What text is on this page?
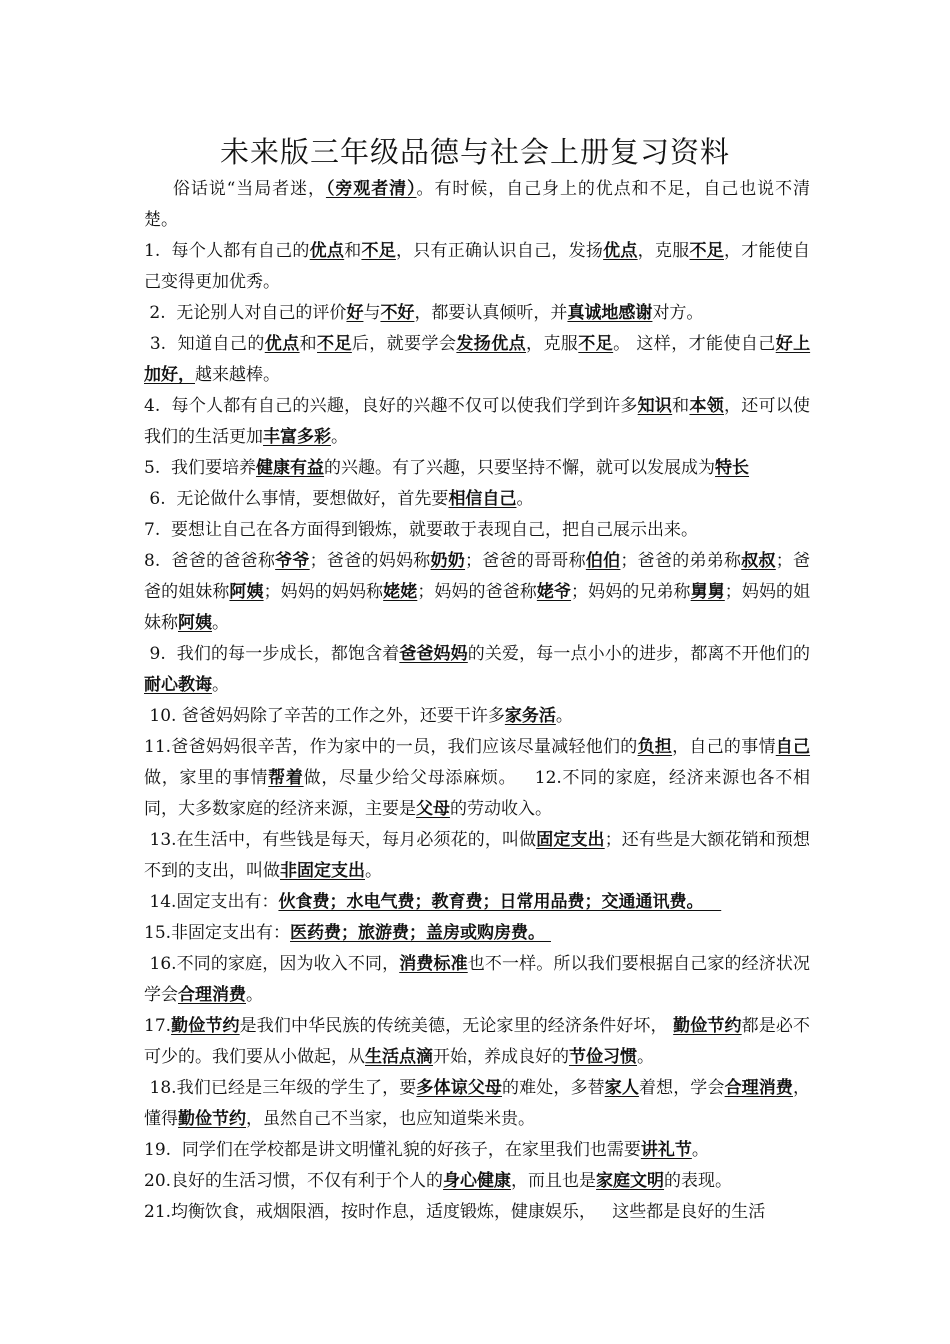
未来版三年级品德与社会上册复习资料

俗话说“当局者迷，（旁观者清）。有时候，自己身上的优点和不足，自己也说不清楚。

1.  每个人都有自己的优点和不足，只有正确认识自己，发扬优点，克服不足，才能使自己变得更加优秀。

2.  无论别人对自己的评价好与不好，都要认真倾听，并真诚地感谢对方。

3.  知道自己的优点和不足后，就要学会发扬优点，克服不足。 这样，才能使自己好上加好，越来越棒。

4.  每个人都有自己的兴趣，良好的兴趣不仅可以使我们学到许多知识和本领，还可以使我们的生活更加丰富多彩。

5.  我们要培养健康有益的兴趣。有了兴趣，只要坚持不懈，就可以发展成为特长

6.  无论做什么事情，要想做好，首先要相信自己。

7.  要想让自己在各方面得到锻炼，就要敢于表现自己，把自己展示出来。

8.  爸爸的爸爸称爷爷；爸爸的妈妈称奶奶；爸爸的哥哥称伯伯；爸爸的弟弟称叔叔；爸爸的姐妹称阿姨；妈妈的妈妈称姥姥；妈妈的爸爸称姥爷；妈妈的兄弟称舅舅；妈妈的姐妹称阿姨。

9.  我们的每一步成长，都饱含着爸爸妈妈的关爱，每一点小小的进步，都离不开他们的耐心教诲。

10. 爸爸妈妈除了辛苦的工作之外，还要干许多家务活。

11.爸爸妈妈很辛苦，作为家中的一员，我们应该尽量减轻他们的负担，自己的事情自己做，家里的事情帮着做，尽量少给父母添麻烦。   12.不同的家庭，经济来源也各不相同，大多数家庭的经济来源，主要是父母的劳动收入。

13.在生活中，有些钱是每天，每月必须花的，叫做固定支出；还有些是大额花销和预想不到的支出，叫做非固定支出。

14.固定支出有：伙食费；水电气费；教育费；日常用品费；交通通讯费。

15.非固定支出有：医药费；旅游费；盖房或购房费。

16.不同的家庭，因为收入不同，消费标准也不一样。所以我们要根据自己家的经济状况学会合理消费。

17.勤俭节约是我们中华民族的传统美德，无论家里的经济条件好坏， 勤俭节约都是必不可少的。我们要从小做起，从生活点滴开始，养成良好的节俭习惯。

18.我们已经是三年级的学生了，要多体谅父母的难处，多替家人着想，学会合理消费，懂得勤俭节约，虽然自己不当家，也应知道柴米贵。

19.  同学们在学校都是讲文明懂礼貌的好孩子，在家里我们也需要讲礼节。

20.良好的生活习惯，不仅有利于个人的身心健康，而且也是家庭文明的表现。

21.均衡饮食，戒烟限酒，按时作息，适度锻炼，健康娱乐，   这些都是良好的生活
